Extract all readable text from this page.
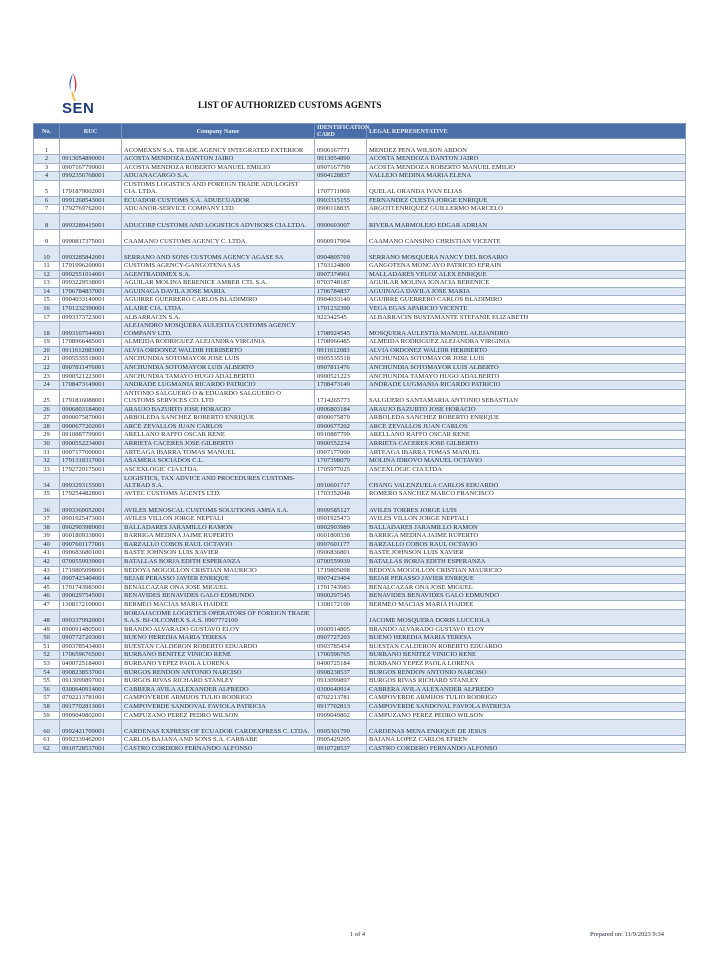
SEN	LIST OF AUTHORIZED CUSTOMS AGENTS
No.	RUC	Company Name	IDENTIFICATION CARD	LEGAL REPRESENTATIVE
1		ACOMEXSN S.A. TRADE AGENCY INTEGRATED EXTERIOR	0906167771	MENDEZ PENA WILSON ABDON
2	0913054890001	ACOSTA MENDOZA DANTON JAIRO	0913054890	ACOSTA MENDOZA DANTON JAIRO
3	0907167799001	ACOSTA MENDOZA ROBERTO MANUEL EMILIO	0907167799	ACOSTA MENDOZA ROBERTO MANUEL EMILIO
4	0992356768001	ADUANACARGO S.A.	0904128837	VALLEJO MEDINA MARIA ELENA
5	1791879002001	CUSTOMS LOGISTICS AND FOREIGN TRADE ADULOGIST CIA. LTDA.	1707711069	QUELAL ORANDA IVAN ELIAS
6	0991268543001	ECUADOR CUSTOMS S.A. ADUECUADOR	0903315155	FERNANDEZ CUESTA JORGE ENRIQUE
7	1792769762001	ADUANOR-SERVICE COMPANY LTD	0900118835	ARGOTI ENRIQUEZ GUILLERMO MARCELO
8	0993289415001	ADUCORP CUSTOMS AND LOGISTICS ADVISORS CIA.LTDA.	0900603007	RIVERA MARMOLEJO EDGAR ADRIAN
9	0990817375001	CAAMANO CUSTOMS AGENCY C. LTDA.	0900917904	CAAMANO CANSINO CHRISTIAN VICENTE
10	0993285842001	SERRANO AND SONS CUSTOMS AGENCY AGASE SA	0904805769	SERRANO MOSQUERA NANCY DEL ROSARIO
11	1791996200001	CUSTOMS AGENCY-GANGOTENA SAS	1703124800	GANGOTENA MONCAYO PATRICIO EFRAIN
12	0992551014001	AGENTRADIMEX S.A.	0907374961	MALLADARES VELOZ ALEX ENRIQUE
13	0993229538001	AGUILAR MOLINA BERENICE AMBER CTL S.A.	0703748187	AGUILAR MOLINA IGNACIA BERENICE
14	1706784837001	AGUINAGA DAVILA JOSE MARIA	1706784837	AGUINAGA DAVILA JOSE MARIA
15	0904033149001	AGUIRRE GUERRERO CARLOS BLADIMIRO	0904033149	AGUIRRE GUERRERO CARLOS BLADIMIRO
16	1701232390001	ALAIRE CIA. LTDA.	1701232390	VEGA EGAS APARICIO VICENTE
17	0993373723001	ALBARRACIN S.A.	922342545	ALBARRACIN BUSTAMANTE STEFANIE ELIZABETH
18	0993107544001	ALEJANDRO MOSQUERA AULESTIA CUSTOMS AGENCY COMPANY LTD.	1708924545	MOSQUERA AULESTIA MANUEL ALEJANDRO
19	1708966485001	ALMEIDA RODRIGUEZ ALEJANDRA VIRGINIA	1708966485	ALMEIDA RODRIGUEZ ALEJANDRA VIRGINIA
20	0911612083001	ALVIA ORDONEZ WALDIR HERIBERTO	0911612083	ALVIA ORDONEZ WALDIR HERIBERTO
21	0905535518001	ANCHUNDIA SOTOMAYOR JOSE LUIS	0905535518	ANCHUNDIA SOTOMAYOR JOSE LUIS
22	0907811476001	ANCHUNDIA SOTOMAYOR LUIS ALBERTO	0907811476	ANCHUNDIA SOTOMAYOR LUIS ALBERTO
23	0900521223001	ANCHUNDIA TAMAYO HUGO ADALBERTO	0900521223	ANCHUNDIA TAMAYO HUGO ADALBERTO
24	1708473149001	ANDRADE LUGMANIA RICARDO PATRICIO	1708473149	ANDRADE LUGMANIA RICARDO PATRICIO
25	1791816088001	ANTONIO SALGUERO O & EDUARDO SALGUERO O CUSTOMS SERVICES CO. LTD	1714265773	SALGUERO SANTAMARIA ANTONIO SEBASTIAN
26	0906803184001	ARAUJO BAZURTO JOSE HORACIO	0906803184	ARAUJO BAZURTO JOSE HORACIO
27	0900075870001	ARBOLEDA SANCHEZ ROBERTO ENRIQUE	0900075870	ARBOLEDA SANCHEZ ROBERTO ENRIQUE
28	0900677202001	ARCE ZEVALLOS JUAN CARLOS	0900677202	ARCE ZEVALLOS JUAN CARLOS
29	0910887799001	ARELLANO RAFFO OSCAR RENE	0910887799	ARELLANO RAFFO OSCAR RENE
30	0900552234001	ARRIETA CACERES JOSE GILBERTO	0900552234	ARRIETA CACERES JOSE GILBERTO
31	0907177000001	ARTEAGA IBARRA TOMAS MANUEL	0907177000	ARTEAGA IBARRA TOMAS MANUEL
32	1791318317001	ASAMERA SOCIADOS C.L.	1707398079	MOLINA IDROVO MANUEL OCTAVIO
33	1792729175001	ASCEXLOGIC CIA LTDA.	1705977025	ASCEXLOGIC CIA LTDA
34	0993293155001	LOGISTICS, TAX ADVICE AND PROCEDURES CUSTOMS-ALTRAD S.A.	0910601717	CHANG VALENZUELA CARLOS EDUARDO
35	1792544828001	AVTEC CUSTOMS AGENTS LTD.	1703352048	ROMERO SANCHEZ MARCO FRANCISCO
36	0993369052001	AVILES MENOSCAL CUSTOMS SOLUTIONS AMSA S.A.	0909585127	AVILES TORRES JORGE LUIS
37	0901925473001	AVILES VILLON JORGE NEPTALI	0901925473	AVILES VILLON JORGE NEPTALI
38	0902903989001	BALLADARES JARAMILLO RAMON	0902903989	BALLADARES JARAMILLO RAMON
39	0601809338001	BARRIGA MEDINA JAIME RUPERTO	0601809338	BARRIGA MEDINA JAIME RUPERTO
40	0907601177001	BARZALLO COBOS RAUL OCTAVIO	0907601177	BARZALLO COBOS RAUL OCTAVIO
41	0906836801001	BASTE JOHNSON LUIS XAVIER	0906836801	BASTE JOHNSON LUIS XAVIER
42	0700559939001	BATALLAS BORJA EDITH ESPERANZA	0700559939	BATALLAS BORJA EDITH ESPERANZA
43	1719805098001	BEDOYA MOGOLLON CRISTIAN MAURICIO	1719805098	BEDOYA MOGOLLON CRISTIAN MAURICIO
44	0907423404001	BEJAR PERASSO JAVIER ENRIQUE	0907423404	BEJAR PERASSO JAVIER ENRIQUE
45	1701743983001	BENALCAZAR ONA JOSE MIGUEL	1701743983	BENALCAZAR ONA JOSE MIGUEL
46	0900297545001	BENAVIDES BENAVIDES GALO EDMUNDO	0900297545	BENAVIDES BENAVIDES GALO EDMUNDO
47	1308172100001	BERMEO MACIAS MARIA HAIDEE	1308172100	BERMEO MACIAS MARIA HAIDEE
48	0993379920001	BORJAJACOME LOGISTICS OPERATORS OF FOREIGN TRADE S.A.S. BJ-OLCOMEX S.A.S. 0907772100		JACOME MOSQUERA DORIS LUCCIOLA
49	0900914805001	BRANDO ALVARADO GUSTAVO ELOY	0900914805	BRANDO ALVARADO GUSTAVO ELOY
50	0907727203001	BUENO HEREDIA MARIA TERESA	0907727203	BUENO HEREDIA MARIA TERESA
51	0903785434001	BUESTAN CALDERON ROBERTO EDUARDO	0903785434	BUESTAN CALDERON ROBERTO EDUARDO
52	1706596765001	BURBANO BENITEZ VINICIO RENE	1706596765	BURBANO BENITEZ VINICIO RENE
53	0400725184001	BURBANO YEPEZ PAOLA LORENA	0400725184	BURBANO YEPEZ PAOLA LORENA
54	0908238537001	BURGOS RENDON ANTONIO NARCISO	0908238537	BURGOS RENDON ANTONIO NARCISO
55	0913099897001	BURGOS RIVAS RICHARD STANLEY	0913099897	BURGOS RIVAS RICHARD STANLEY
56	0300640914001	CABRERA AVILA ALEXANDER ALFREDO	0300640914	CABRERA AVILA ALEXANDER ALFREDO
57	0702213781001	CAMPOVERDE ARMIJOS TULIO RODRIGO	0702213781	CAMPOVERDE ARMIJOS TULIO RODRIGO
58	0917702813001	CAMPOVERDE SANDOVAL FAVIOLA PATRICIA	0917702813	CAMPOVERDE SANDOVAL FAVIOLA PATRICIA
59	0909049802001	CAMPUZANO PEREZ PEDRO WILSON	0909049802	CAMPUZANO PEREZ PEDRO WILSON
60	0992421709001	CARDENAS EXPRESS OF ECUADOR CARDEXPRESS C. LTDA.	0905301799	CARDENAS MENA ENRIQUE DE JESUS
61	0992339462001	CARLOS BAJANA AND SONS S.A. CARBABE	0905429205	BAJANA LOPEZ CARLOS EFREN
62	0910728537001	CASTRO CORDERO FERNANDO ALFONSO	0910728537	CASTRO CORDERO FERNANDO ALFONSO
1 of 4	Prepared on: 11/9/2023 9:34
